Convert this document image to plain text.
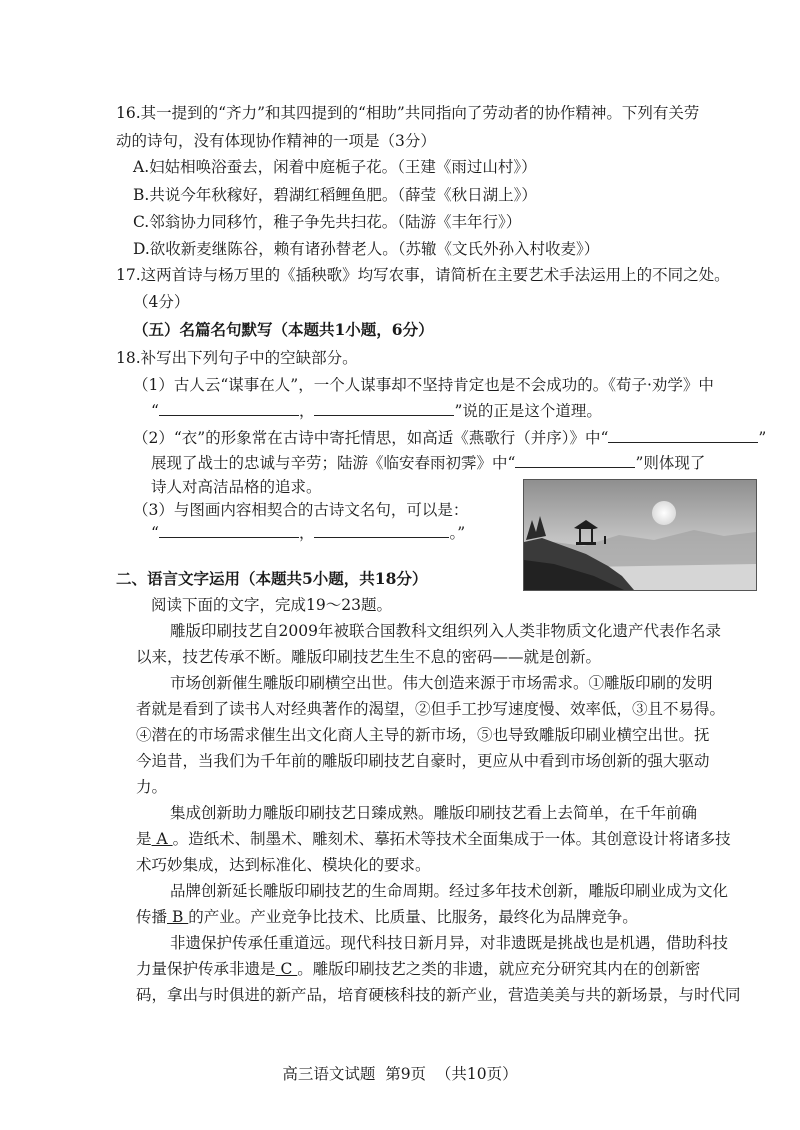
16.其一提到的“齐力”和其四提到的“相助”共同指向了劳动者的协作精神。下列有关劳
动的诗句，没有体现协作精神的一项是（3分）
A.妇姑相唤浴蚕去，闲着中庭栀子花。（王建《雨过山村》）
B.共说今年秋稼好，碧湖红稻鲤鱼肥。（薛莹《秋日湖上》）
C.邻翁协力同移竹，稚子争先共扫花。（陆游《丰年行》）
D.欲收新麦继陈谷，赖有诸孙替老人。（苏辙《文氏外孙入村收麦》）
17.这两首诗与杨万里的《插秧歌》均写农事，请简析在主要艺术手法运用上的不同之处。
（4分）
（五）名篇名句默写（本题共1小题，6分）
18.补写出下列句子中的空缺部分。
（1）古人云“谋事在人”，一个人谋事却不坚持肯定也是不会成功的。《荀子·劝学》中
“	，	”说的正是这个道理。
（2）“衣”的形象常在古诗中寄托情思，如高适《燕歌行（并序）》中“	”
展现了战士的忠诚与辛劳；陆游《临安春雨初霁》中“	”则体现了
诗人对高洁品格的追求。
（3）与图画内容相契合的古诗文名句，可以是：
“	，	。”
二、语言文字运用（本题共5小题，共18分）
阅读下面的文字，完成19～23题。
雕版印刷技艺自2009年被联合国教科文组织列入人类非物质文化遗产代表作名录
以来，技艺传承不断。雕版印刷技艺生生不息的密码——就是创新。
市场创新催生雕版印刷横空出世。伟大创造来源于市场需求。①雕版印刷的发明
者就是看到了读书人对经典著作的渴望，②但手工抄写速度慢、效率低，③且不易得。
④潜在的市场需求催生出文化商人主导的新市场，⑤也导致雕版印刷业横空出世。抚
今追昔，当我们为千年前的雕版印刷技艺自豪时，更应从中看到市场创新的强大驱动
力。
集成创新助力雕版印刷技艺日臻成熟。雕版印刷技艺看上去简单，在千年前确
是 A 。造纸术、制墨术、雕刻术、摹拓术等技术全面集成于一体。其创意设计将诸多技
术巧妙集成，达到标准化、模块化的要求。
品牌创新延长雕版印刷技艺的生命周期。经过多年技术创新，雕版印刷业成为文化
传播 B 的产业。产业竞争比技术、比质量、比服务，最终化为品牌竞争。
非遗保护传承任重道远。现代科技日新月异，对非遗既是挑战也是机遇，借助科技
力量保护传承非遗是 C 。雕版印刷技艺之类的非遗，就应充分研究其内在的创新密
码，拿出与时俱进的新产品，培育硬核科技的新产业，营造美美与共的新场景，与时代同
高三语文试题  第9页  （共10页）
